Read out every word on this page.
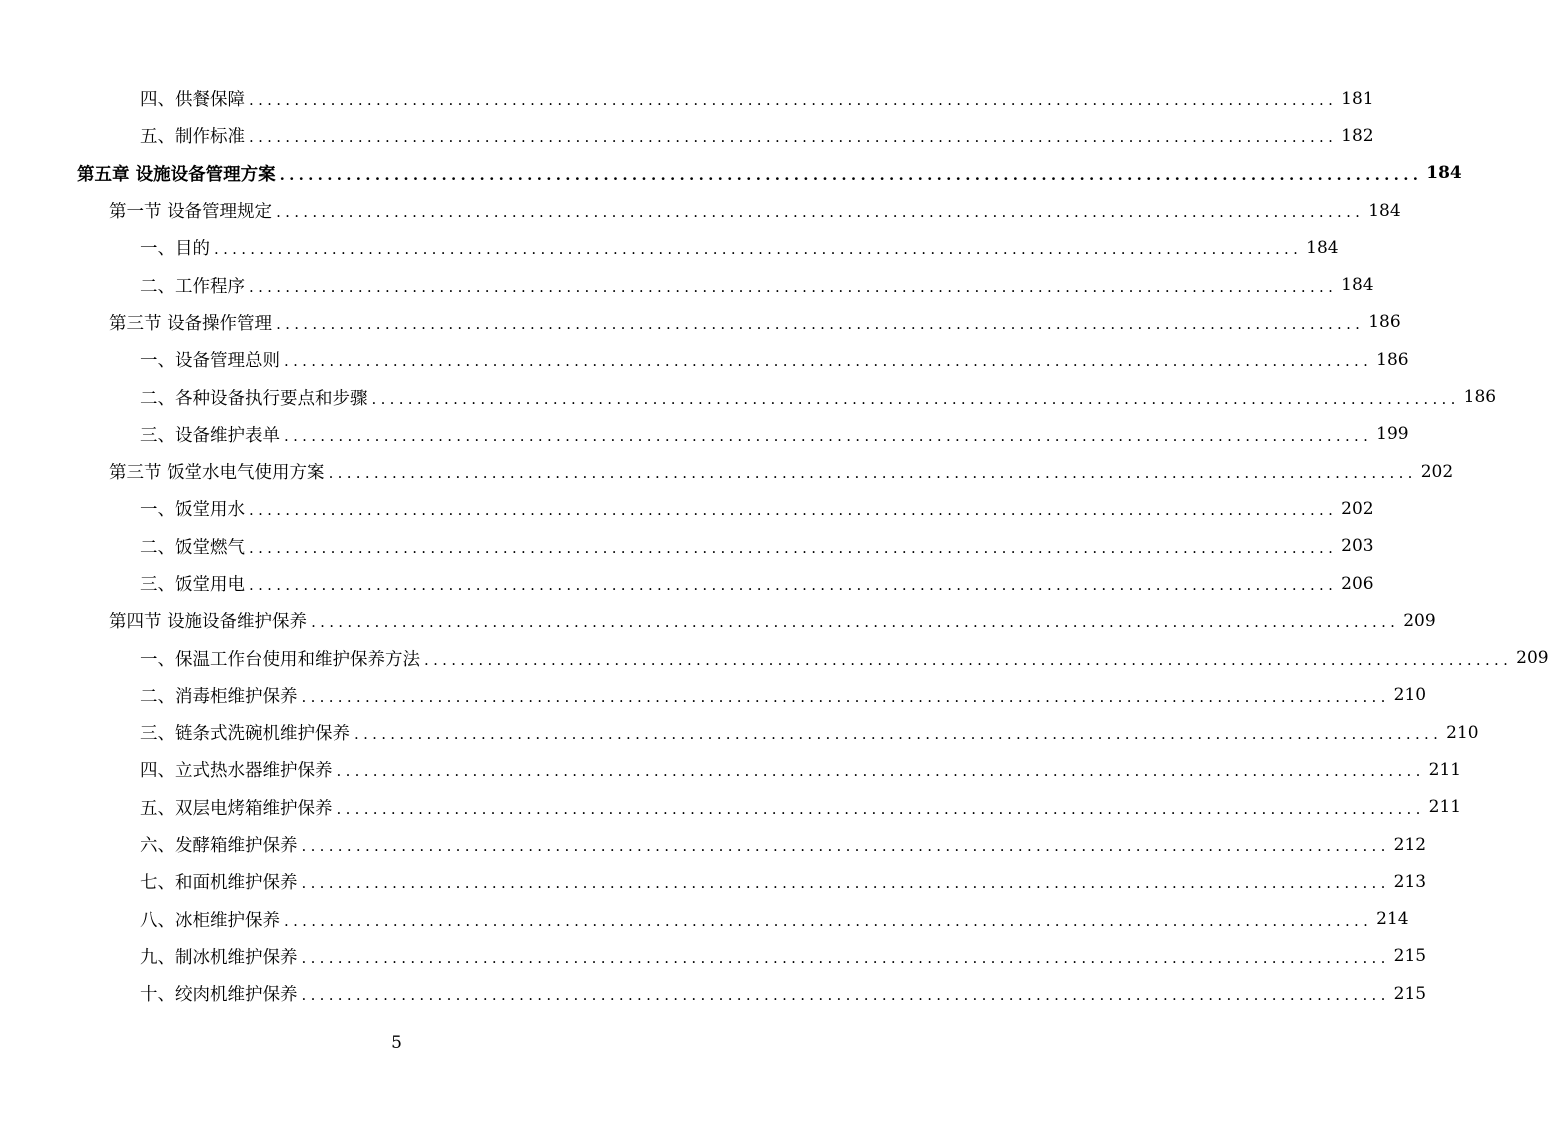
四、供餐保障 ........................................................................................................................ 181
五、制作标准 ........................................................................................................................ 182
第五章 设施设备管理方案 ........................................................................................................................ 184
第一节 设备管理规定 ........................................................................................................................ 184
一、目的 ........................................................................................................................ 184
二、工作程序 ........................................................................................................................ 184
第三节 设备操作管理 ........................................................................................................................ 186
一、设备管理总则 ........................................................................................................................ 186
二、各种设备执行要点和步骤 ........................................................................................................................ 186
三、设备维护表单 ........................................................................................................................ 199
第三节 饭堂水电气使用方案 ........................................................................................................................ 202
一、饭堂用水 ........................................................................................................................ 202
二、饭堂燃气 ........................................................................................................................ 203
三、饭堂用电 ........................................................................................................................ 206
第四节 设施设备维护保养 ........................................................................................................................ 209
一、保温工作台使用和维护保养方法 ........................................................................................................................ 209
二、消毒柜维护保养 ........................................................................................................................ 210
三、链条式洗碗机维护保养 ........................................................................................................................ 210
四、立式热水器维护保养 ........................................................................................................................ 211
五、双层电烤箱维护保养 ........................................................................................................................ 211
六、发酵箱维护保养 ........................................................................................................................ 212
七、和面机维护保养 ........................................................................................................................ 213
八、冰柜维护保养 ........................................................................................................................ 214
九、制冰机维护保养 ........................................................................................................................ 215
十、绞肉机维护保养 ........................................................................................................................ 215
5
